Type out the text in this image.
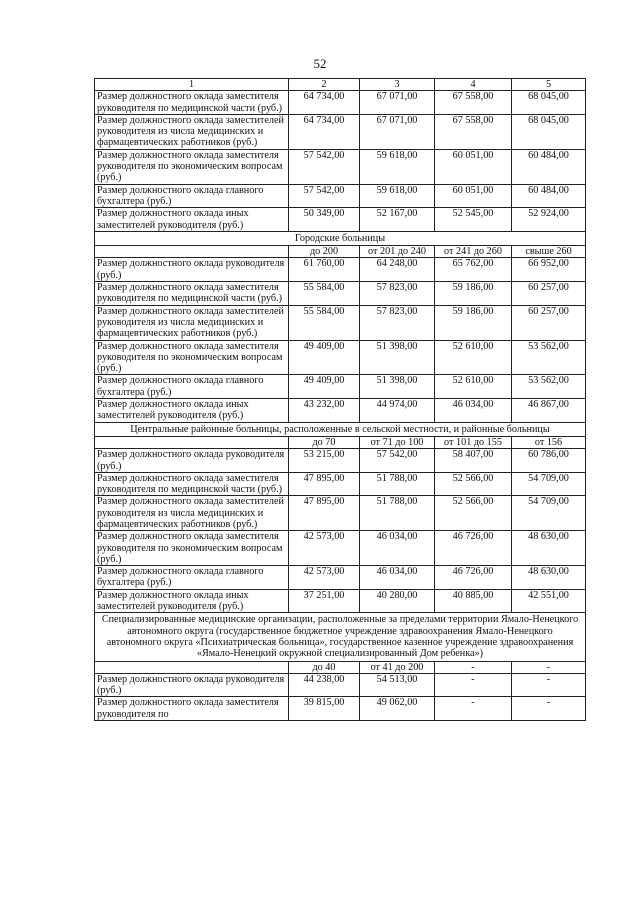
52
1	2	3	4	5
Размер должностного оклада заместителя руководителя по медицинской части (руб.)	64 734,00	67 071,00	67 558,00	68 045,00
Размер должностного оклада заместителей руководителя из числа медицинских и фармацевтических работников (руб.)	64 734,00	67 071,00	67 558,00	68 045,00
Размер должностного оклада заместителя руководителя по экономическим вопросам (руб.)	57 542,00	59 618,00	60 051,00	60 484,00
Размер должностного оклада главного бухгалтера (руб.)	57 542,00	59 618,00	60 051,00	60 484,00
Размер должностного оклада иных заместителей руководителя (руб.)	50 349,00	52 167,00	52 545,00	52 924,00
Городские больницы				
	до 200	от 201 до 240	от 241 до 260	свыше 260
Размер должностного оклада руководителя (руб.)	61 760,00	64 248,00	65 762,00	66 952,00
Размер должностного оклада заместителя руководителя по медицинской части (руб.)	55 584,00	57 823,00	59 186,00	60 257,00
Размер должностного оклада заместителей руководителя из числа медицинских и фармацевтических работников (руб.)	55 584,00	57 823,00	59 186,00	60 257,00
Размер должностного оклада заместителя руководителя по экономическим вопросам (руб.)	49 409,00	51 398,00	52 610,00	53 562,00
Размер должностного оклада главного бухгалтера (руб.)	49 409,00	51 398,00	52 610,00	53 562,00
Размер должностного оклада иных заместителей руководителя (руб.)	43 232,00	44 974,00	46 034,00	46 867,00
Центральные районные больницы, расположенные в сельской местности, и районные больницы				
	до 70	от 71 до 100	от 101 до 155	от 156
Размер должностного оклада руководителя (руб.)	53 215,00	57 542,00	58 407,00	60 786,00
Размер должностного оклада заместителя руководителя по медицинской части (руб.)	47 895,00	51 788,00	52 566,00	54 709,00
Размер должностного оклада заместителей руководителя из числа медицинских и фармацевтических работников (руб.)	47 895,00	51 788,00	52 566,00	54 709,00
Размер должностного оклада заместителя руководителя по экономическим вопросам (руб.)	42 573,00	46 034,00	46 726,00	48 630,00
Размер должностного оклада главного бухгалтера (руб.)	42 573,00	46 034,00	46 726,00	48 630,00
Размер должностного оклада иных заместителей руководителя (руб.)	37 251,00	40 280,00	40 885,00	42 551,00
Специализированные медицинские организации, расположенные за пределами территории Ямало-Ненецкого автономного округа (государственное бюджетное учреждение здравоохранения Ямало-Ненецкого автономного округа «Психиатрическая больница», государственное казенное учреждение здравоохранения «Ямало-Ненецкий окружной специализированный Дом ребенка»)				
	до 40	от 41 до 200	-	-
Размер должностного оклада руководителя (руб.)	44 238,00	54 513,00	-	-
Размер должностного оклада заместителя руководителя по	39 815,00	49 062,00	-	-
